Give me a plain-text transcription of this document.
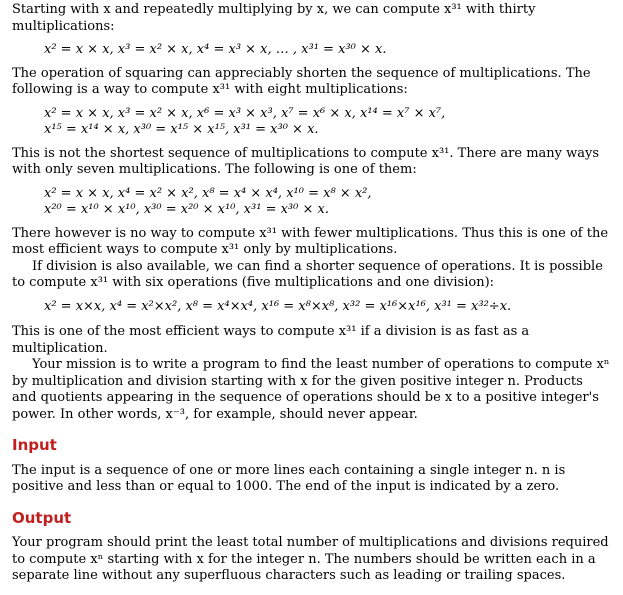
Starting with x and repeatedly multiplying by x, we can compute x³¹ with thirty multiplications:

x² = x × x, x³ = x² × x, x⁴ = x³ × x, … , x³¹ = x³⁰ × x.

The operation of squaring can appreciably shorten the sequence of multiplications. The following is a way to compute x³¹ with eight multiplications:

x² = x × x, x³ = x² × x, x⁶ = x³ × x³, x⁷ = x⁶ × x, x¹⁴ = x⁷ × x⁷,
x¹⁵ = x¹⁴ × x, x³⁰ = x¹⁵ × x¹⁵, x³¹ = x³⁰ × x.

This is not the shortest sequence of multiplications to compute x³¹. There are many ways with only seven multiplications. The following is one of them:

x² = x × x, x⁴ = x² × x², x⁸ = x⁴ × x⁴, x¹⁰ = x⁸ × x²,
x²⁰ = x¹⁰ × x¹⁰, x³⁰ = x²⁰ × x¹⁰, x³¹ = x³⁰ × x.

There however is no way to compute x³¹ with fewer multiplications. Thus this is one of the most efficient ways to compute x³¹ only by multiplications.

If division is also available, we can find a shorter sequence of operations. It is possible to compute x³¹ with six operations (five multiplications and one division):

x² = x×x, x⁴ = x²×x², x⁸ = x⁴×x⁴, x¹⁶ = x⁸×x⁸, x³² = x¹⁶×x¹⁶, x³¹ = x³²÷x.

This is one of the most efficient ways to compute x³¹ if a division is as fast as a multiplication.

Your mission is to write a program to find the least number of operations to compute xⁿ by multiplication and division starting with x for the given positive integer n. Products and quotients appearing in the sequence of operations should be x to a positive integer's power. In other words, x⁻³, for example, should never appear.

Input

The input is a sequence of one or more lines each containing a single integer n. n is positive and less than or equal to 1000. The end of the input is indicated by a zero.

Output

Your program should print the least total number of multiplications and divisions required to compute xⁿ starting with x for the integer n. The numbers should be written each in a separate line without any superfluous characters such as leading or trailing spaces.
